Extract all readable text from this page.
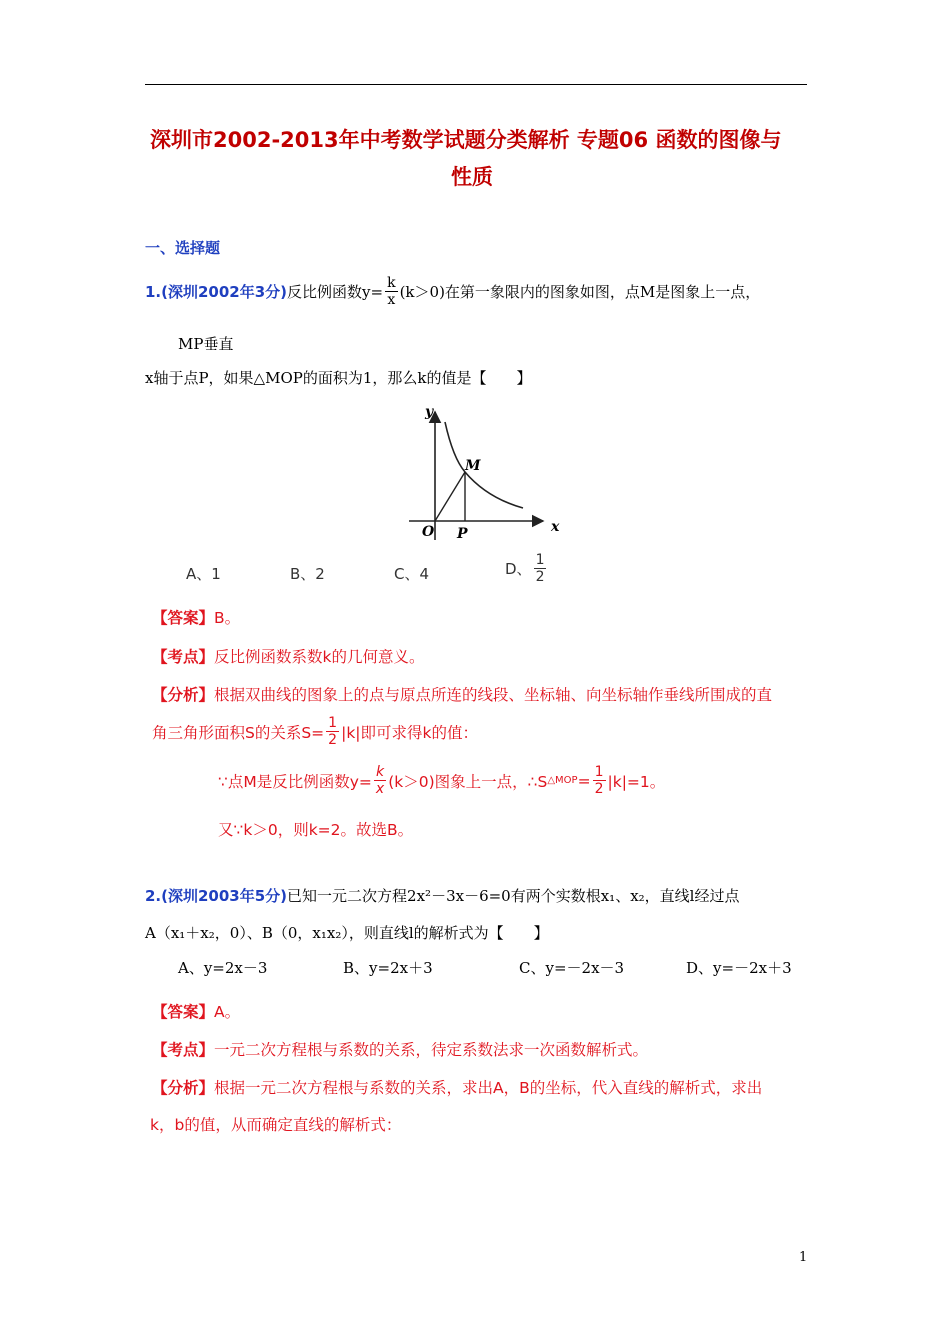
深圳市2002-2013年中考数学试题分类解析 专题06 函数的图像与
性质
一、选择题
1.(深圳2002年3分) 反比例函数$y= \frac{k}{x} (k>0)$ 在第一象限内的图象如图，点M是图象上一点，
MP垂直
x轴于点P，如果△MOP的面积为1，那么k的值是【　　】
y
x
O P
M
A、1	B、2	C、4	D、 $\frac{1}{2}$
【答案】B。
【考点】反比例函数系数k的几何意义。
【分析】根据双曲线的图象上的点与原点所连的线段、坐标轴、向坐标轴作垂线所围成的直
角三角形面积S的关系$S= \frac{1}{2} |k|$即可求得k的值：
∵点M是反比例函数$y= \frac{k}{x} (k>0)$图象上一点，∴S △MOP = $\frac{1}{2} |k|=1$。
又∵k＞0，则k=2。故选B。
2.(深圳2003年5分)已知一元二次方程2x²－3x－6=0有两个实数根x₁、x₂，直线l经过点
A（x₁＋x₂，0）、B（0，x₁x₂），则直线l的解析式为【　　】
A、y=2x－3	B、y=2x＋3	C、y=－2x－3	D、y=－2x＋3
【答案】A。
【考点】一元二次方程根与系数的关系，待定系数法求一次函数解析式。
【分析】根据一元二次方程根与系数的关系，求出A，B的坐标，代入直线的解析式，求出
k，b的值，从而确定直线的解析式：
1
